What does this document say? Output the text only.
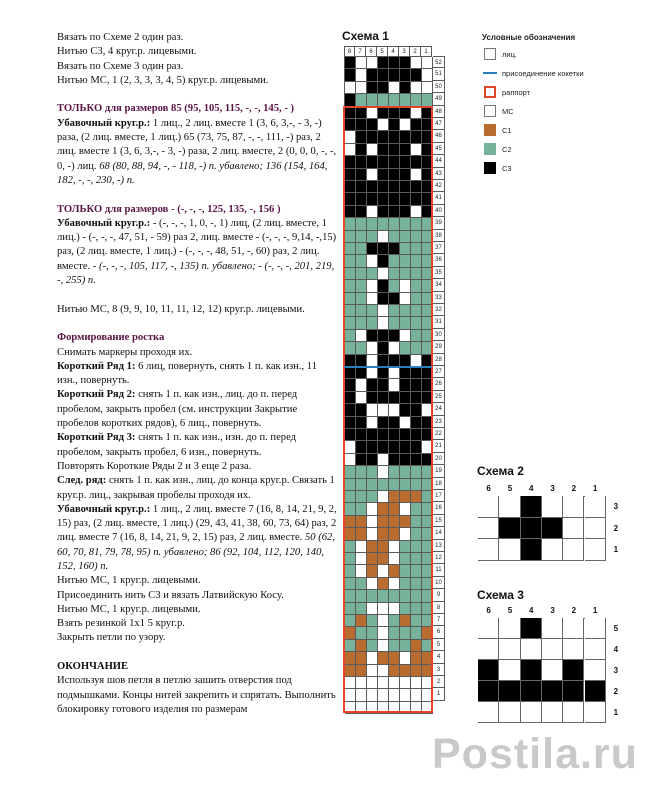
Вязать по Схеме 2 один раз.
Нитью С3, 4 круг.р. лицевыми.
Вязать по Схеме 3 один раз.
Нитью МС, 1 (2, 3, 3, 3, 4, 5) круг.р. лицевыми.
ТОЛЬКО для размеров 85 (95, 105, 115, -, -, 145, - )
Убавочный круг.р.: 1 лиц., 2 лиц. вместе 1 (3, 6, 3,-, - 3, -) раза, (2 лиц. вместе, 1 лиц.) 65 (73, 75, 87, -, -, 111, -) раз, 2 лиц. вместе 1 (3, 6, 3,-, - 3, -) раза, 2 лиц. вместе, 2 (0, 0, 0, -, -, 0, -) лиц. 68 (80, 88, 94, -, - 118, -) п. убавлено; 136 (154, 164, 182, -, -, 230, -) п.
ТОЛЬКО для размеров - (-, -, -, 125, 135, -, 156 )
Убавочный круг.р.: - (-, -, -, 1, 0, -, 1) лиц, (2 лиц. вместе, 1 лиц.) - (-, -, -, 47, 51, - 59) раз 2, лиц. вместе - (-, -, -, 9,14, -,15) раз, (2 лиц. вместе, 1 лиц.) - (-, -, -, 48, 51, -, 60) раз, 2 лиц. вместе. - (-, -, -, 105, 117, -, 135) п. убавлено; - (-, -, -, 201, 219, -, 255) п.
Нитью МС, 8 (9, 9, 10, 11, 11, 12, 12) круг.р. лицевыми.
Формирование ростка
Снимать маркеры проходя их.
Короткий Ряд 1: 6 лиц, повернуть, снять 1 п. как изн., 11 изн., повернуть.
Короткий Ряд 2: снять 1 п. как изн., лиц. до п. перед пробелом, закрыть пробел (см. инструкции Закрытие пробелов коротких рядов), 6 лиц., повернуть.
Короткий Ряд 3: снять 1 п. как изн., изн. до п. перед пробелом, закрыть пробел, 6 изн., повернуть.
Повторять Короткие Ряды 2 и 3 еще 2 раза.
След. ряд: снять 1 п. как изн., лиц. до конца круг.р. Связать 1 круг.р. лиц., закрывая пробелы проходя их.
Убавочный круг.р.: 1 лиц., 2 лиц. вместе 7 (16, 8, 14, 21, 9, 2, 15) раз, (2 лиц. вместе, 1 лиц.) (29, 43, 41, 38, 60, 73, 64) раз, 2 лиц. вместе 7 (16, 8, 14, 21, 9, 2, 15) раз, 2 лиц. вместе. 50 (62, 60, 70, 81, 79, 78, 95) п. убавлено; 86 (92, 104, 112, 120, 140, 152, 160) п.
Нитью МС, 1 круг.р. лицевыми.
Присоединить нить С3 и вязать Латвийскую Косу.
Нитью МС, 1 круг.р. лицевыми.
Взять резинкой 1х1 5 круг.р.
Закрыть петли по узору.
ОКОНЧАНИЕ
Используя шов петля в петлю зашить отверстия под подмышками. Концы нитей закрепить и спрятать. Выполнить блокировку готового изделия по размерам
Схема 1
8	7	6	5	4	3	2	1
52
51
50
49
48
47
46
45
44
43
42
41
40
39
38
37
36
35
34
33
32
31
30
29
28
27
26
25
24
23
22
21
20
19
18
17
16
15
14
13
12
11
10
9
8
7
6
5
4
3
2
1
Условные обозначения
лиц.
присоединение кокетки
раппорт
МС
С1
С2
С3
Схема 2
6	5	4	3	2	1
3
2
1
Схема 3
6	5	4	3	2	1
5
4
3
2
1
Postila.ru
